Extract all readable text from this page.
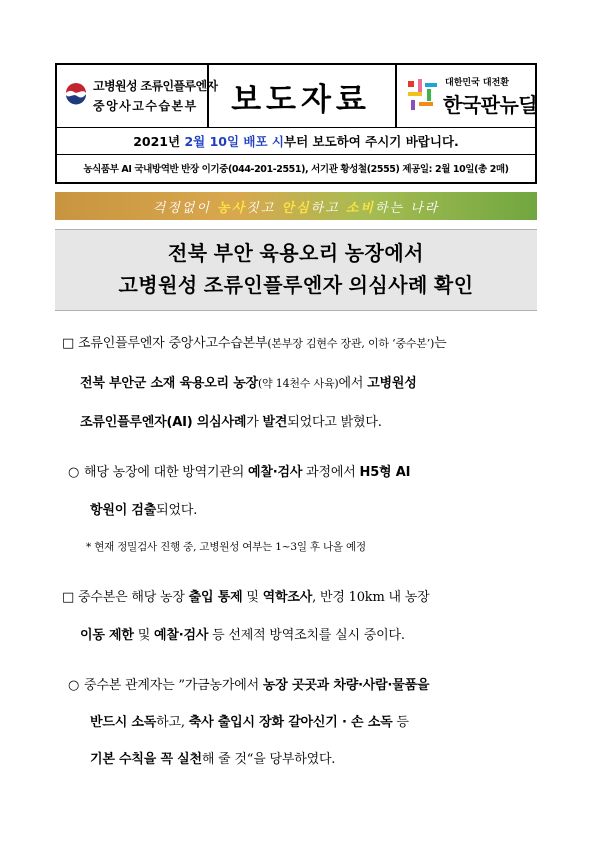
고병원성 조류인플루엔자
중앙사고수습본부	보도자료	대한민국 대전환
한국판뉴딜
2021년
2월
10일
배포 시 부터 보도하여 주시기 바랍니다.
농식품부 AI 국내방역반 반장 이기중(044-201-2551), 서기관 황성철(2555) 제공일: 2월 10일(총 2매)
걱정없이
농사 짓고
안심 하고
소비 하는 나라
전북 부안 육용오리 농장에서
고병원성 조류인플루엔자 의심사례 확인
□ 조류인플루엔자 중앙사고수습본부(본부장 김현수 장관, 이하 ‘중수본’)는
전북 부안군 소재 육용오리 농장(약 14천수 사육)에서 고병원성
조류인플루엔자(AI) 의심사례가 발견되었다고 밝혔다.
○ 해당 농장에 대한 방역기관의 예찰·검사 과정에서 H5형 AI
항원이 검출되었다.
* 현재 정밀검사 진행 중, 고병원성 여부는 1~3일 후 나올 예정
□ 중수본은 해당 농장 출입 통제 및 역학조사, 반경 10km 내 농장
이동 제한 및 예찰·검사 등 선제적 방역조치를 실시 중이다.
○ 중수본 관계자는 ”가금농가에서 농장 곳곳과 차량·사람·물품을
반드시 소독하고, 축사 출입시 장화 갈아신기 · 손 소독 등
기본 수칙을 꼭 실천해 줄 것“을 당부하였다.
